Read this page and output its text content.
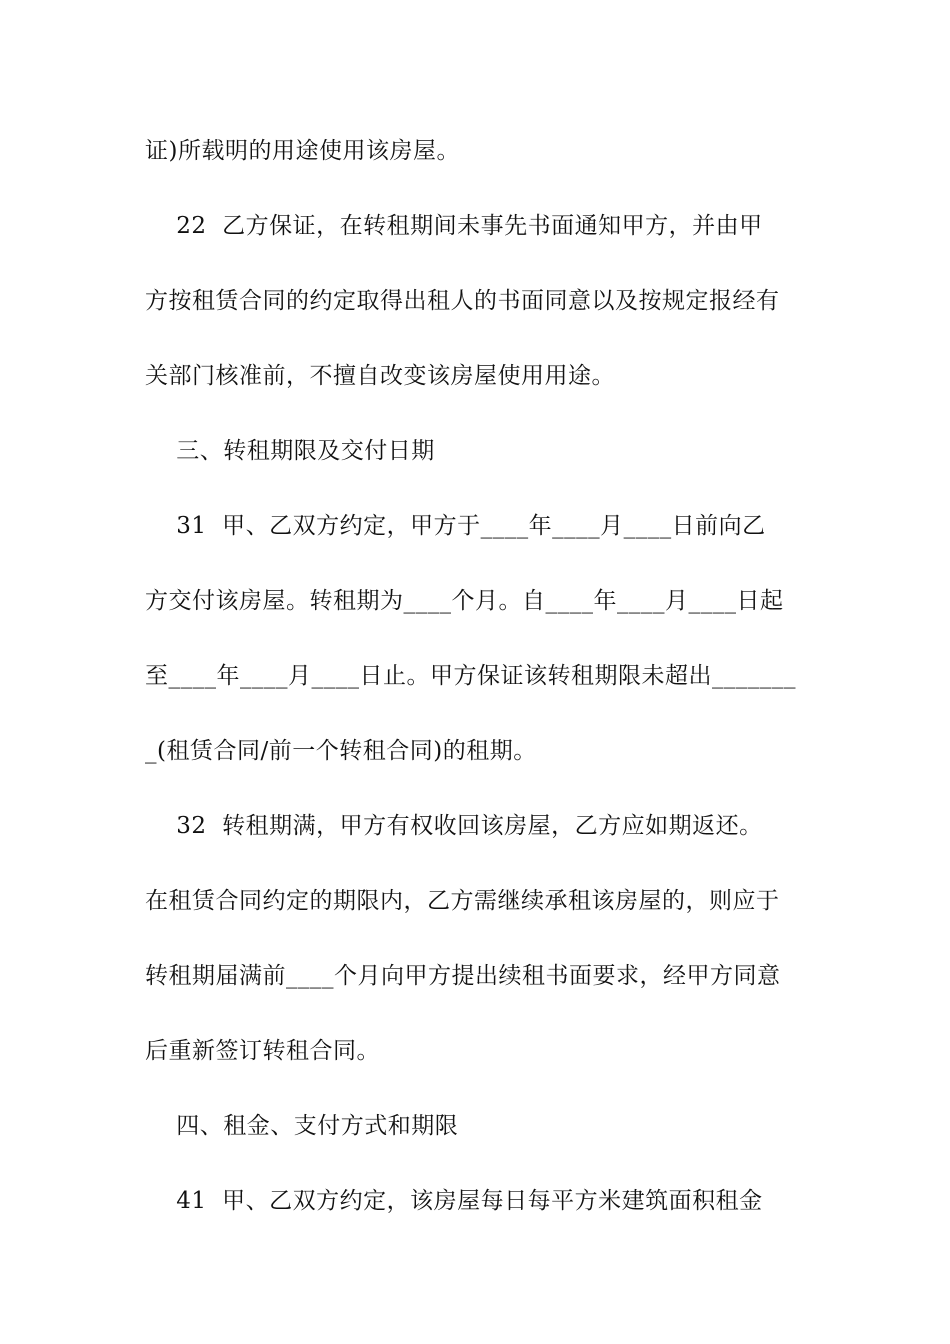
证)所载明的用途使用该房屋。
22  乙方保证，在转租期间未事先书面通知甲方，并由甲
方按租赁合同的约定取得出租人的书面同意以及按规定报经有
关部门核准前，不擅自改变该房屋使用用途。
三、转租期限及交付日期
31  甲、乙双方约定，甲方于____年____月____日前向乙
方交付该房屋。转租期为____个月。自____年____月____日起
至____年____月____日止。甲方保证该转租期限未超出_______
_(租赁合同/前一个转租合同)的租期。
32  转租期满，甲方有权收回该房屋，乙方应如期返还。
在租赁合同约定的期限内，乙方需继续承租该房屋的，则应于
转租期届满前____个月向甲方提出续租书面要求，经甲方同意
后重新签订转租合同。
四、租金、支付方式和期限
41  甲、乙双方约定，该房屋每日每平方米建筑面积租金
